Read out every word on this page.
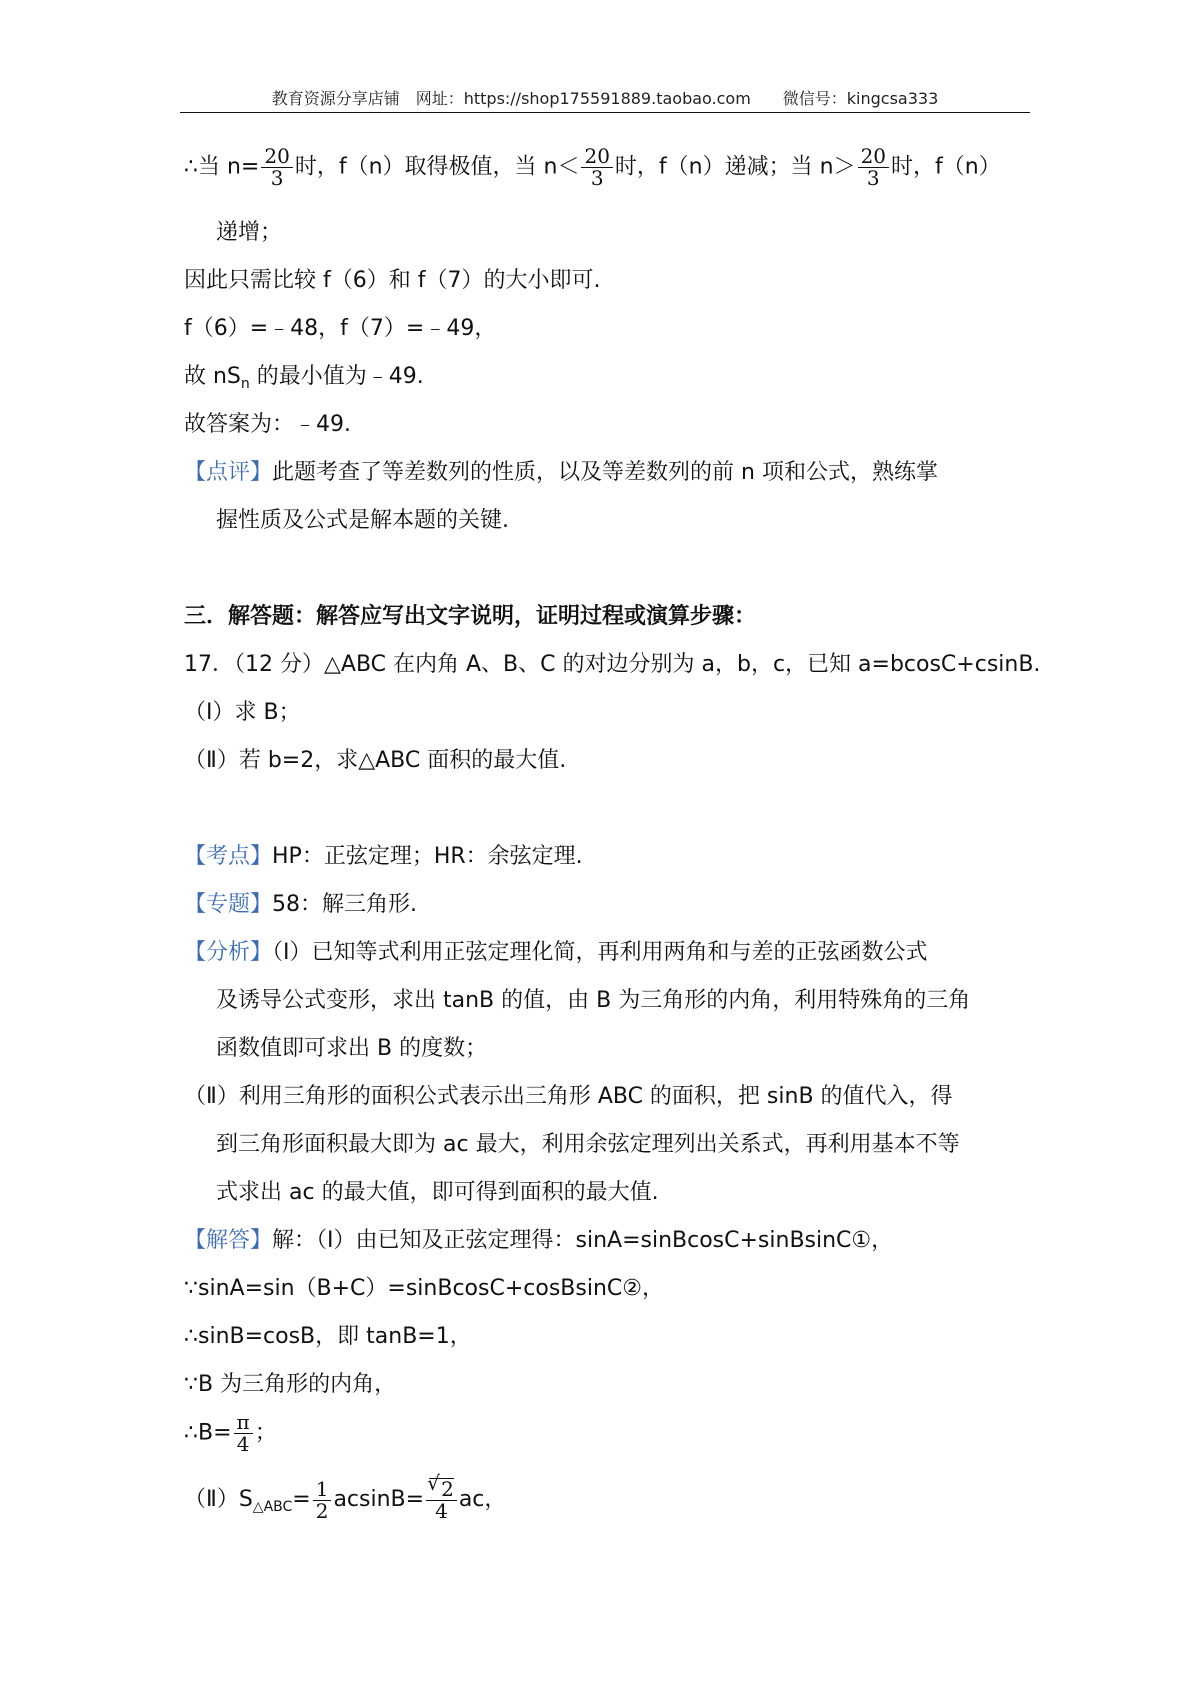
教育资源分享店铺　网址：https://shop175591889.taobao.com　　微信号：kingcsa333
∴当 $n= \frac{20}{3}$ 时，f（n）取得极值，当 $n< \frac{20}{3}$ 时，f（n）递减；当 $n> \frac{20}{3}$ 时，f（n）
递增；
因此只需比较 f（6）和 f（7）的大小即可.
f（6）=﹣48，f（7）=﹣49，
故 $nS_n$ 的最小值为﹣49.
故答案为：﹣49.
【点评】此题考查了等差数列的性质，以及等差数列的前 n 项和公式，熟练掌
握性质及公式是解本题的关键.
三．解答题：解答应写出文字说明，证明过程或演算步骤：
17．（12 分）△ABC 在内角 A、B、C 的对边分别为 a，b，c，已知 a=bcosC+csinB.
（Ⅰ）求 B；
（Ⅱ）若 b=2，求△ABC 面积的最大值.
【考点】HP：正弦定理；HR：余弦定理.
【专题】58：解三角形.
【分析】（Ⅰ）已知等式利用正弦定理化简，再利用两角和与差的正弦函数公式
及诱导公式变形，求出 tanB 的值，由 B 为三角形的内角，利用特殊角的三角
函数值即可求出 B 的度数；
（Ⅱ）利用三角形的面积公式表示出三角形 ABC 的面积，把 sinB 的值代入，得
到三角形面积最大即为 ac 最大，利用余弦定理列出关系式，再利用基本不等
式求出 ac 的最大值，即可得到面积的最大值.
【解答】解：（Ⅰ）由已知及正弦定理得：sinA=sinBcosC+sinBsinC①，
∵sinA=sin（B+C）=sinBcosC+cosBsinC②，
∴sinB=cosB，即 tanB=1，
∵B 为三角形的内角，
∴B= $\frac{\pi}{4}$ ；
$(Ⅱ)S_{\triangle ABC}= \frac{1}{2} acsinB=$
√ $\frac{2}{4}$ ac，
